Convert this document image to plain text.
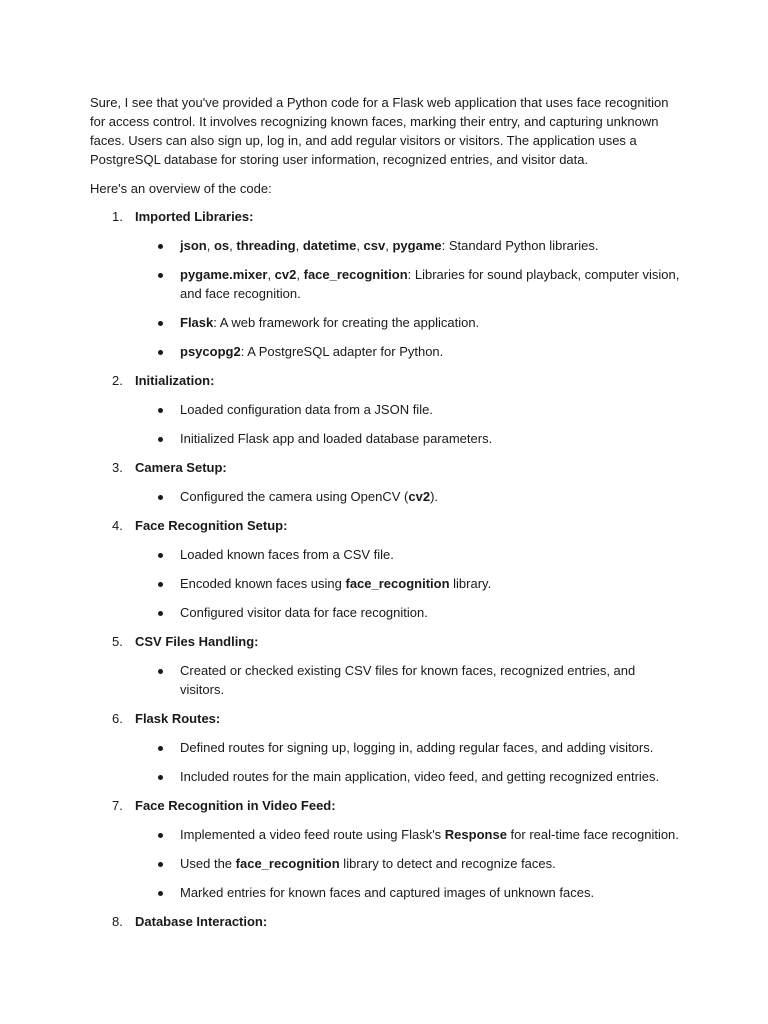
Sure, I see that you've provided a Python code for a Flask web application that uses face recognition for access control. It involves recognizing known faces, marking their entry, and capturing unknown faces. Users can also sign up, log in, and add regular visitors or visitors. The application uses a PostgreSQL database for storing user information, recognized entries, and visitor data.

Here's an overview of the code:

1. Imported Libraries:
json, os, threading, datetime, csv, pygame: Standard Python libraries.
pygame.mixer, cv2, face_recognition: Libraries for sound playback, computer vision, and face recognition.
Flask: A web framework for creating the application.
psycopg2: A PostgreSQL adapter for Python.
2. Initialization:
Loaded configuration data from a JSON file.
Initialized Flask app and loaded database parameters.
3. Camera Setup:
Configured the camera using OpenCV (cv2).
4. Face Recognition Setup:
Loaded known faces from a CSV file.
Encoded known faces using face_recognition library.
Configured visitor data for face recognition.
5. CSV Files Handling:
Created or checked existing CSV files for known faces, recognized entries, and visitors.
6. Flask Routes:
Defined routes for signing up, logging in, adding regular faces, and adding visitors.
Included routes for the main application, video feed, and getting recognized entries.
7. Face Recognition in Video Feed:
Implemented a video feed route using Flask's Response for real-time face recognition.
Used the face_recognition library to detect and recognize faces.
Marked entries for known faces and captured images of unknown faces.
8. Database Interaction:
